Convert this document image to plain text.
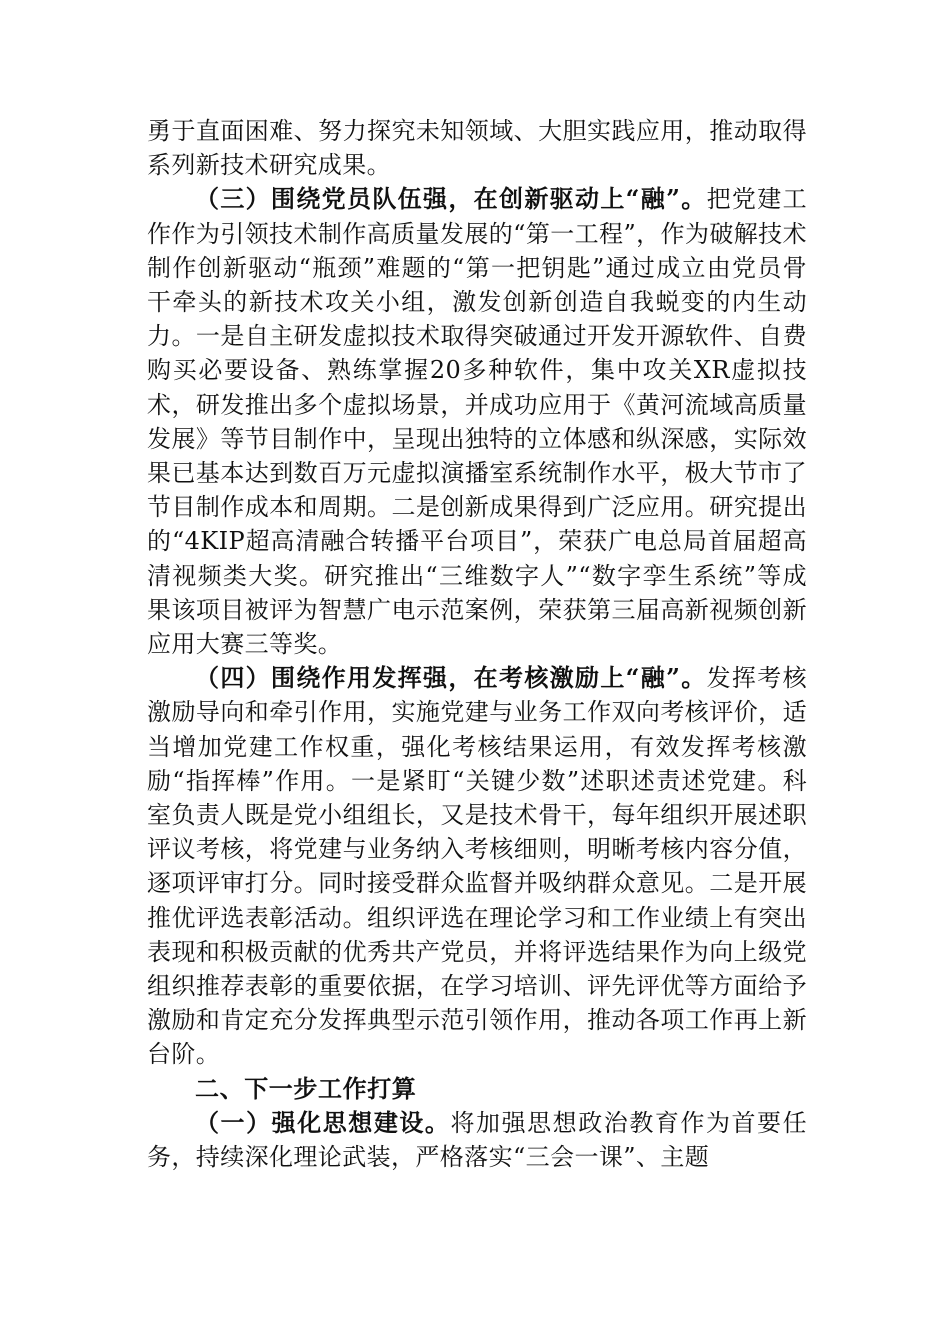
勇于直面困难、努力探究未知领域、大胆实践应用，推动取得系列新技术研究成果。

（三）围绕党员队伍强，在创新驱动上“融”。把党建工作作为引领技术制作高质量发展的“第一工程”，作为破解技术制作创新驱动“瓶颈”难题的“第一把钥匙”通过成立由党员骨干牵头的新技术攻关小组，激发创新创造自我蜕变的内生动力。一是自主研发虚拟技术取得突破通过开发开源软件、自费购买必要设备、熟练掌握20多种软件，集中攻关XR虚拟技术，研发推出多个虚拟场景，并成功应用于《黄河流域高质量发展》等节目制作中，呈现出独特的立体感和纵深感，实际效果已基本达到数百万元虚拟演播室系统制作水平，极大节市了节目制作成本和周期。二是创新成果得到广泛应用。研究提出的“4KIP超高清融合转播平台项目”，荣获广电总局首届超高清视频类大奖。研究推出“三维数字人”“数字孪生系统”等成果该项目被评为智慧广电示范案例，荣获第三届高新视频创新应用大赛三等奖。

（四）围绕作用发挥强，在考核激励上“融”。发挥考核激励导向和牵引作用，实施党建与业务工作双向考核评价，适当增加党建工作权重，强化考核结果运用，有效发挥考核激励“指挥棒”作用。一是紧盯“关键少数”述职述责述党建。科室负责人既是党小组组长，又是技术骨干，每年组织开展述职评议考核，将党建与业务纳入考核细则，明晰考核内容分值，逐项评审打分。同时接受群众监督并吸纳群众意见。二是开展推优评选表彰活动。组织评选在理论学习和工作业绩上有突出表现和积极贡献的优秀共产党员，并将评选结果作为向上级党组织推荐表彰的重要依据，在学习培训、评先评优等方面给予激励和肯定充分发挥典型示范引领作用，推动各项工作再上新台阶。

二、下一步工作打算

（一）强化思想建设。将加强思想政治教育作为首要任务，持续深化理论武装，严格落实“三会一课”、主题
